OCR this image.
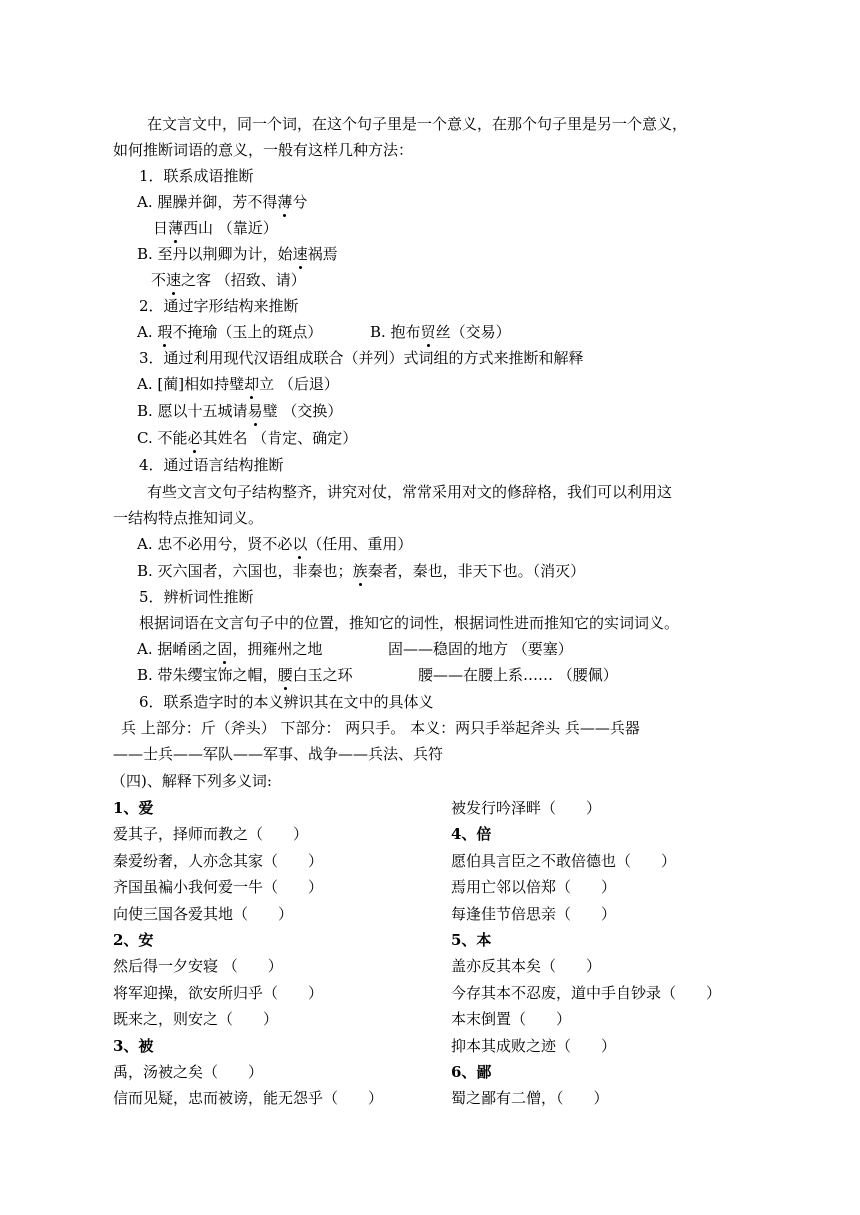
在文言文中，同一个词，在这个句子里是一个意义，在那个句子里是另一个意义，
如何推断词语的意义，一般有这样几种方法：
1．联系成语推断
A. 腥臊并御，芳不得薄兮
日薄西山 （靠近）
B. 至丹以荆卿为计，始速祸焉
不速之客 （招致、请）
2．通过字形结构来推断
A. 瑕不掩瑜（玉上的斑点）	B. 抱布贸丝（交易）
3．通过利用现代汉语组成联合（并列）式词组的方式来推断和解释
A. [蔺]相如持璧却立 （后退）
B. 愿以十五城请易璧 （交换）
C. 不能必其姓名 （肯定、确定）
4．通过语言结构推断
有些文言文句子结构整齐，讲究对仗，常常采用对文的修辞格，我们可以利用这
一结构特点推知词义。
A. 忠不必用兮，贤不必以（任用、重用）
B. 灭六国者，六国也，非秦也；族秦者，秦也，非天下也。（消灭）
5．辨析词性推断
根据词语在文言句子中的位置，推知它的词性，根据词性进而推知它的实词词义。
A. 据崤函之固，拥雍州之地	固——稳固的地方 （要塞）
B. 带朱缨宝饰之帽，腰白玉之环	腰——在腰上系…… （腰佩）
6．联系造字时的本义辨识其在文中的具体义
兵 上部分：斤（斧头） 下部分： 两只手。 本义：两只手举起斧头 兵——兵器
——士兵——军队——军事、战争——兵法、兵符
（四)、解释下列多义词:
1、爱
爱其子，择师而教之（　　）
秦爱纷奢，人亦念其家（　　）
齐国虽褊小我何爱一牛（　　）
向使三国各爱其地（　　）
2、安
然后得一夕安寝 （　　）
将军迎操，欲安所归乎（　　）
既来之，则安之（　　）
3、被
禹，汤被之矣（　　）
信而见疑，忠而被谤，能无怨乎（　　）
被发行吟泽畔（　　）
4、倍
愿伯具言臣之不敢倍德也（　　）
焉用亡邻以倍郑（　　）
每逢佳节倍思亲（　　）
5、本
盖亦反其本矣（　　）
今存其本不忍废，道中手自钞录（　　）
本末倒置（　　）
抑本其成败之迹（　　）
6、鄙
蜀之鄙有二僧，（　　）
